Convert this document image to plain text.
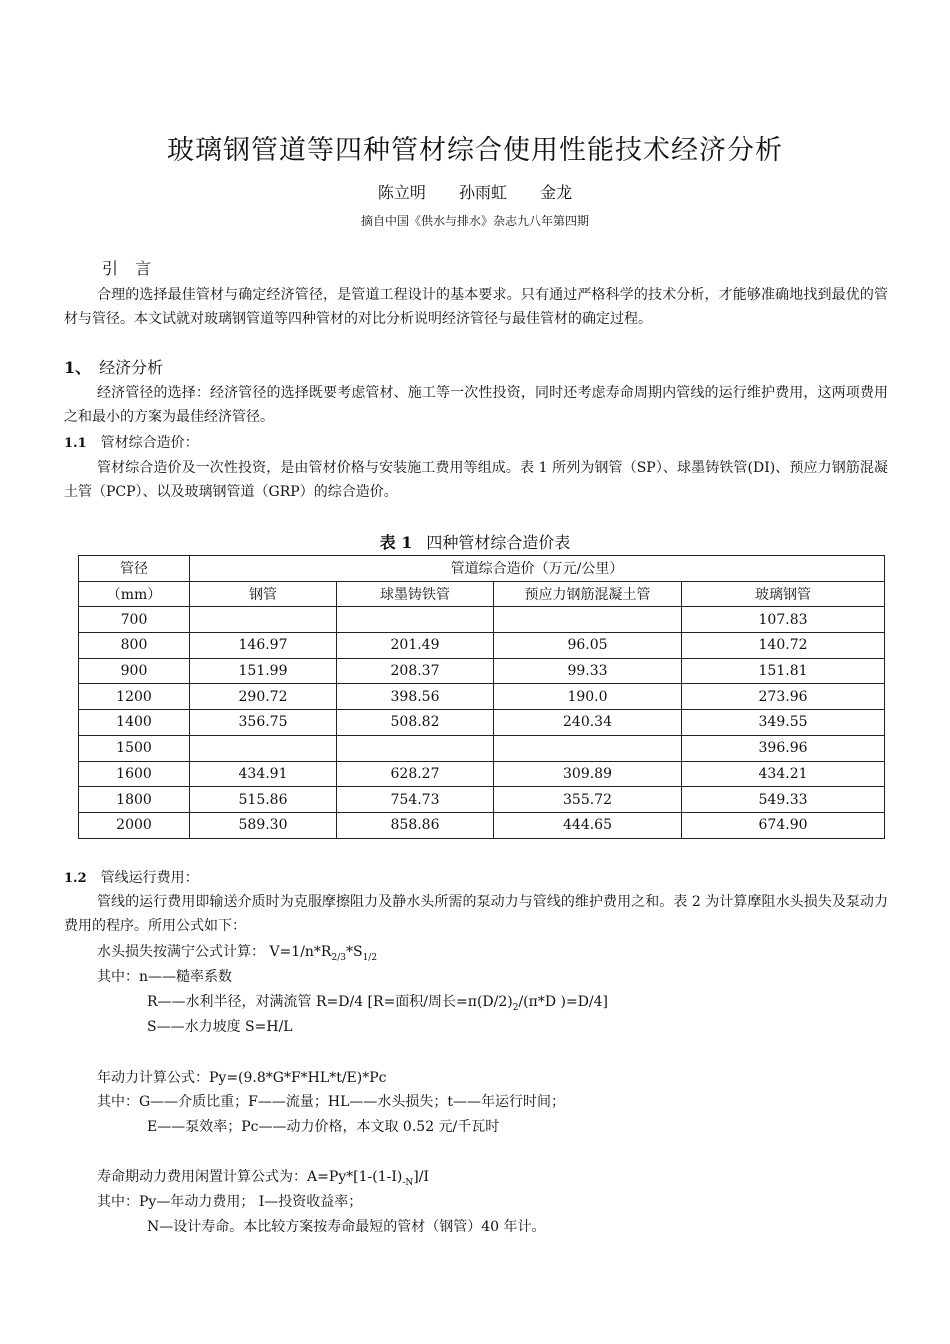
玻璃钢管道等四种管材综合使用性能技术经济分析
陈立明 孙雨虹 金龙
摘自中国《供水与排水》杂志九八年第四期
引 言
合理的选择最佳管材与确定经济管径，是管道工程设计的基本要求。只有通过严格科学的技术分析，才能够准确地找到最优的管材与管径。本文试就对玻璃钢管道等四种管材的对比分析说明经济管径与最佳管材的确定过程。
1、 经济分析
经济管径的选择：经济管径的选择既要考虑管材、施工等一次性投资，同时还考虑寿命周期内管线的运行维护费用，这两项费用之和最小的方案为最佳经济管径。
1.1 管材综合造价：
管材综合造价及一次性投资，是由管材价格与安装施工费用等组成。表 1 所列为钢管（SP）、球墨铸铁管(DI)、预应力钢筋混凝土管（PCP）、以及玻璃钢管道（GRP）的综合造价。
表 1 四种管材综合造价表
管径	管道综合造价（万元/公里）			
（mm）	钢管	球墨铸铁管	预应力钢筋混凝土管	玻璃钢管
700				107.83
800	146.97	201.49	96.05	140.72
900	151.99	208.37	99.33	151.81
1200	290.72	398.56	190.0	273.96
1400	356.75	508.82	240.34	349.55
1500				396.96
1600	434.91	628.27	309.89	434.21
1800	515.86	754.73	355.72	549.33
2000	589.30	858.86	444.65	674.90
1.2 管线运行费用：
管线的运行费用即输送介质时为克服摩擦阻力及静水头所需的泵动力与管线的维护费用之和。表 2 为计算摩阻水头损失及泵动力费用的程序。所用公式如下：
水头损失按满宁公式计算： $V=1/n*R_{2/3}*S_{1/2}$
其中：n——糙率系数
R——水利半径，对满流管 R=D/4 [R=面积/周长$=\pi(D/2)_2/(\pi*D$ )=D/4]
S——水力坡度 S=H/L
年动力计算公式：Py=(9.8*G*F*HL*t/E)*Pc
其中：G——介质比重；F——流量；HL——水头损失；t——年运行时间；
E——泵效率；Pc——动力价格，本文取 0.52 元/千瓦时
寿命期动力费用闲置计算公式为：$A=Py*[1-(1-I)_{-N}]/I$
其中：Py—年动力费用； I—投资收益率；
N—设计寿命。本比较方案按寿命最短的管材（钢管）40 年计。
